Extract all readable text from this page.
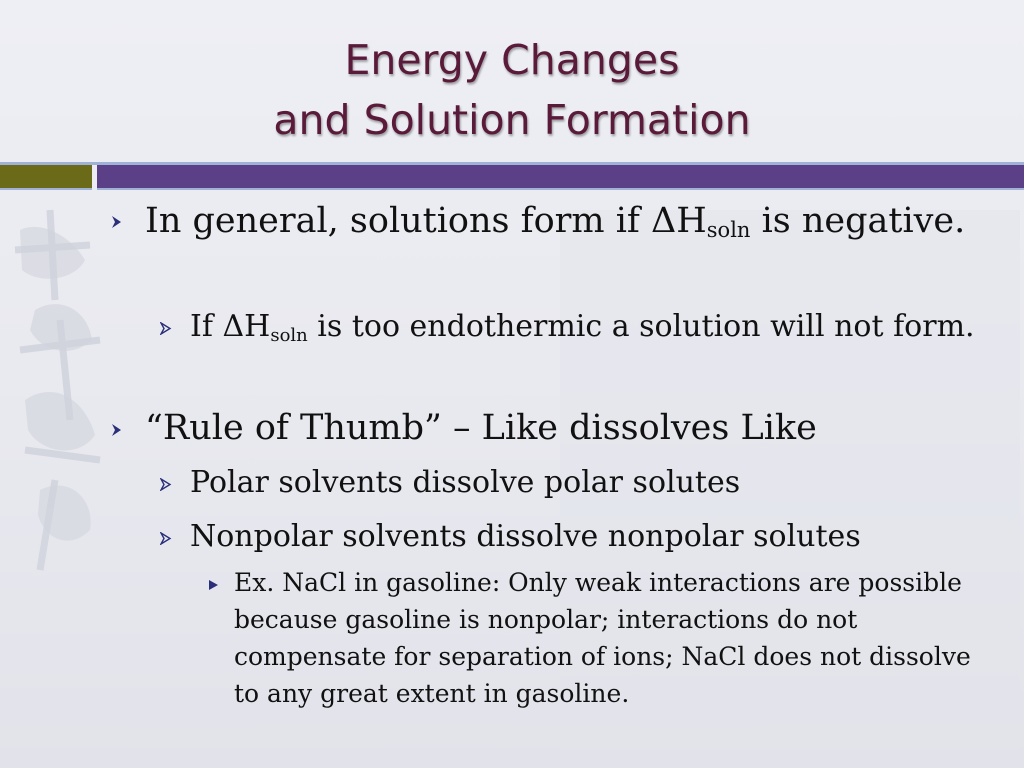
Energy Changes
and Solution Formation
In general, solutions form if $\Delta H_{soln}$ is negative.
If $\Delta H_{soln}$ is too endothermic a solution will not form.
“Rule of Thumb” – Like dissolves Like
Polar solvents dissolve polar solutes
Nonpolar solvents dissolve nonpolar solutes
Ex. NaCl in gasoline: Only weak interactions are possible because gasoline is nonpolar; interactions do not compensate for separation of ions; NaCl does not dissolve to any great extent in gasoline.
